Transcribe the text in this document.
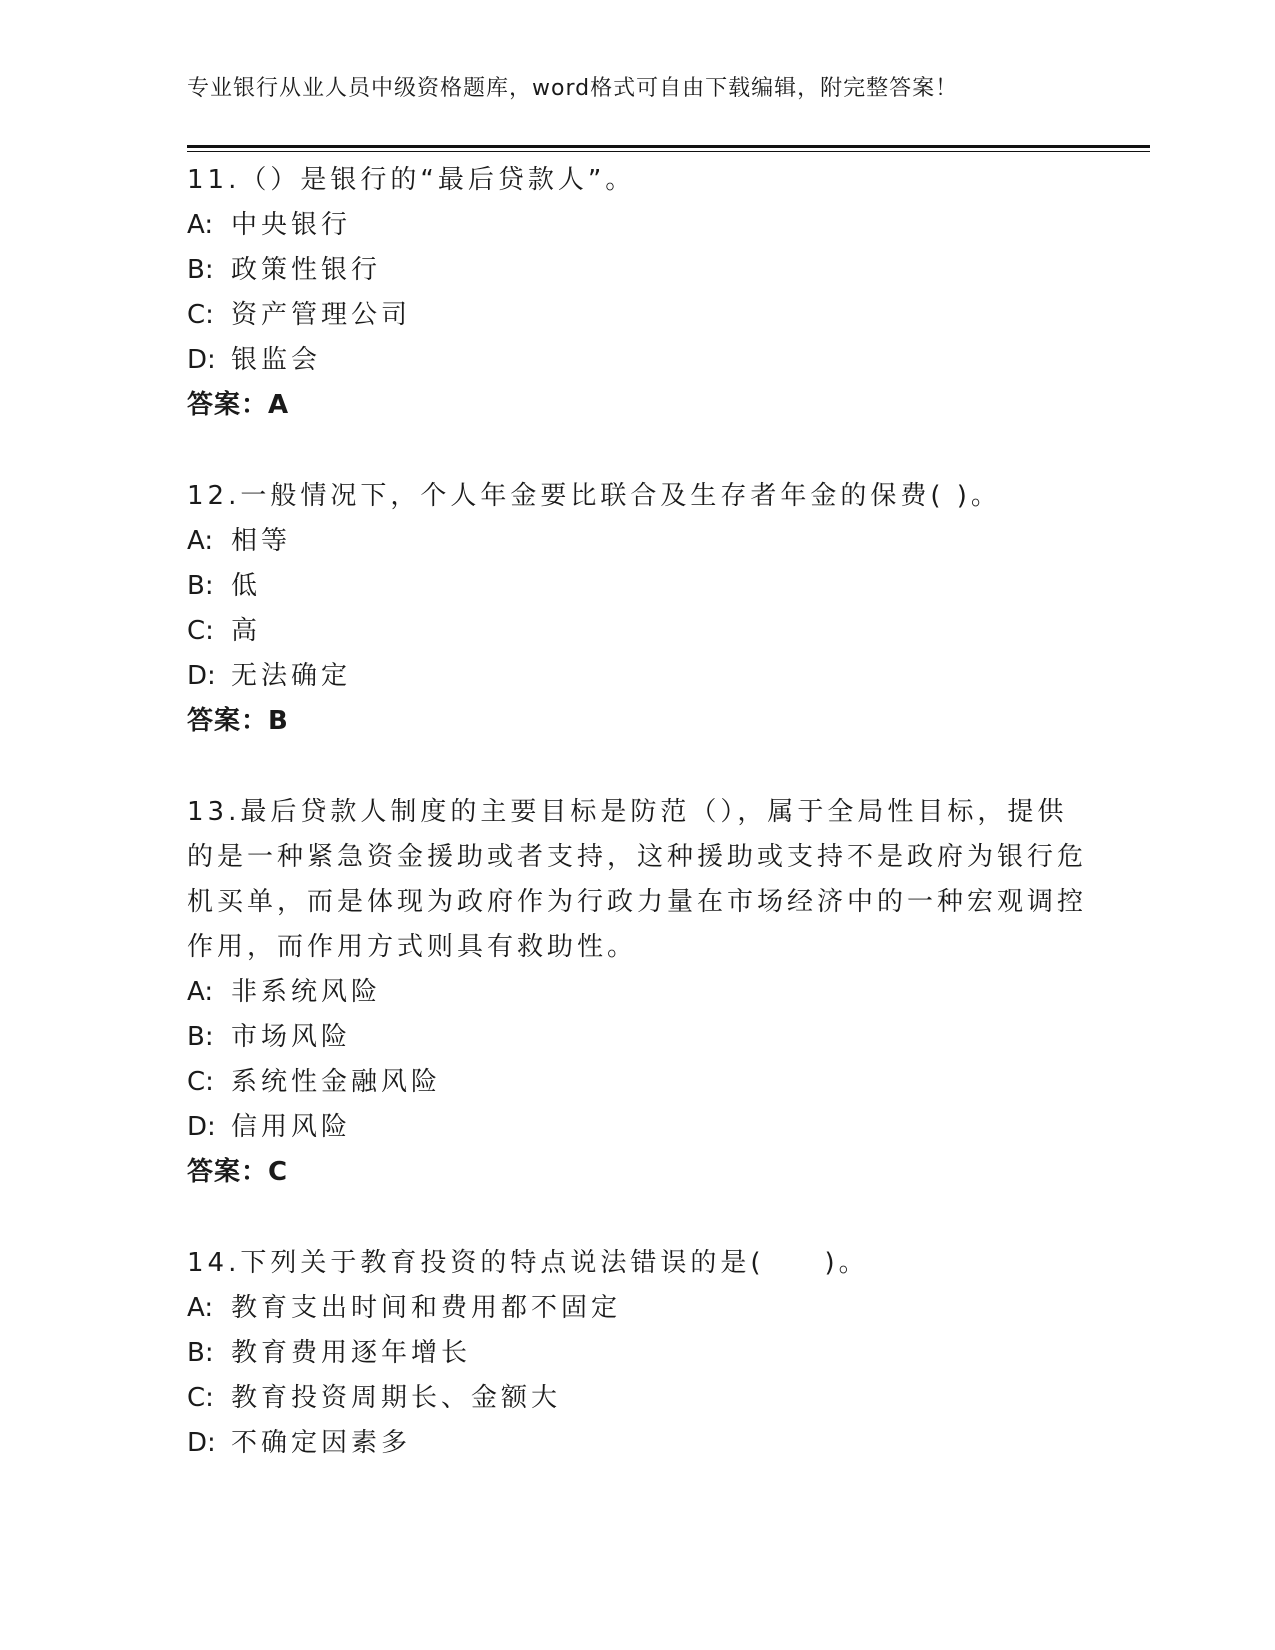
专业银行从业人员中级资格题库，word格式可自由下载编辑，附完整答案！

11.（）是银行的“最后贷款人”。

A: 中央银行
B: 政策性银行
C: 资产管理公司
D: 银监会
答案：A

12.一般情况下，个人年金要比联合及生存者年金的保费( )。

A: 相等
B: 低
C: 高
D: 无法确定
答案：B

13.最后贷款人制度的主要目标是防范（），属于全局性目标，提供的是一种紧急资金援助或者支持，这种援助或支持不是政府为银行危机买单，而是体现为政府作为行政力量在市场经济中的一种宏观调控作用，而作用方式则具有救助性。

A: 非系统风险
B: 市场风险
C: 系统性金融风险
D: 信用风险
答案：C

14.下列关于教育投资的特点说法错误的是(　　)。

A: 教育支出时间和费用都不固定
B: 教育费用逐年增长
C: 教育投资周期长、金额大
D: 不确定因素多
